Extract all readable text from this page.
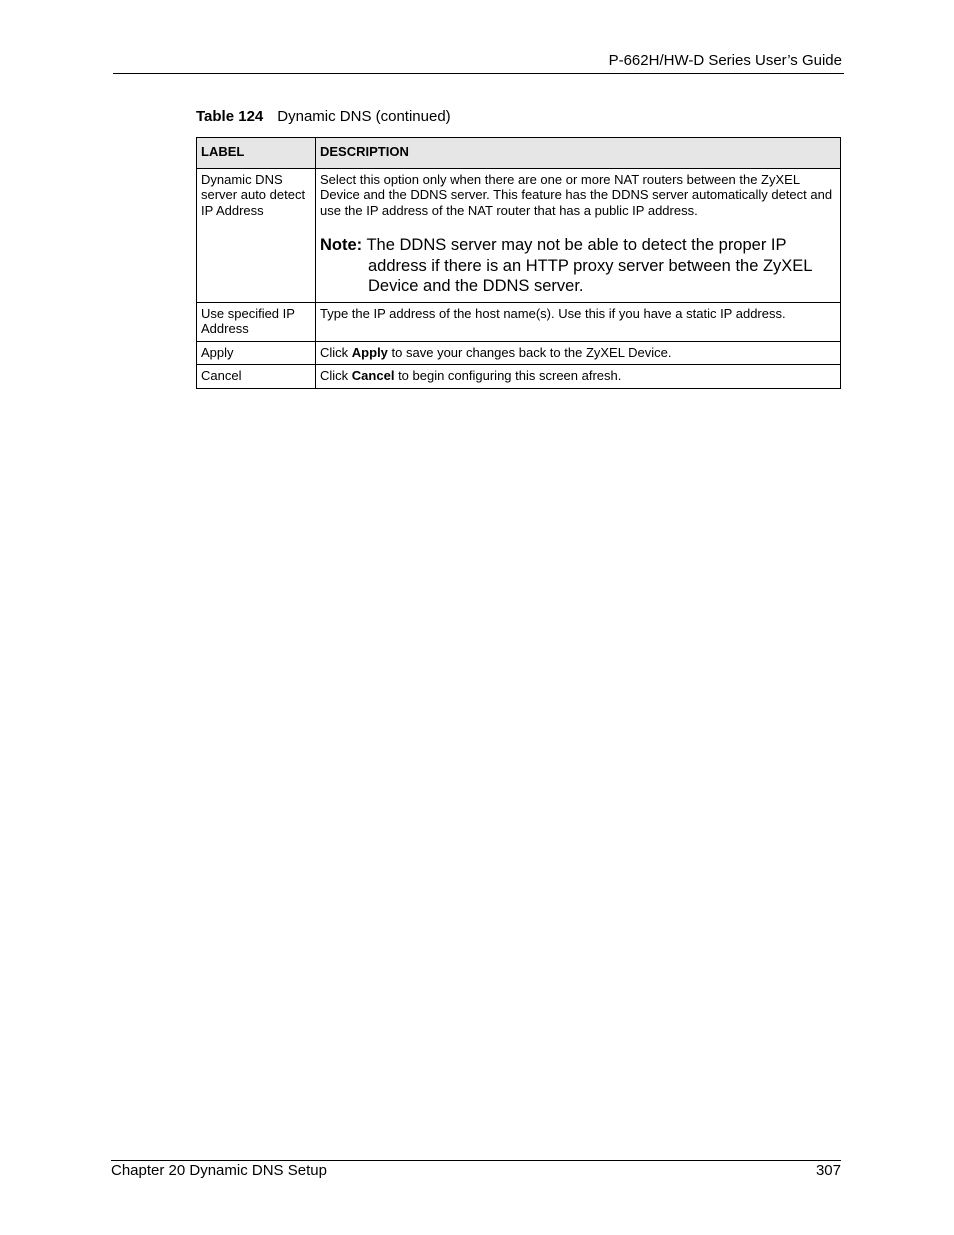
P-662H/HW-D Series User’s Guide
Table 124 Dynamic DNS (continued)
LABEL	DESCRIPTION
Dynamic DNS server auto detect IP Address	Select this option only when there are one or more NAT routers between the ZyXEL Device and the DDNS server. This feature has the DDNS server automatically detect and use the IP address of the NAT router that has a public IP address.
Note: The DDNS server may not be able to detect the proper IP address if there is an HTTP proxy server between the ZyXEL Device and the DDNS server.

Use specified IP Address	Type the IP address of the host name(s). Use this if you have a static IP address.
Apply	Click Apply to save your changes back to the ZyXEL Device.
Cancel	Click Cancel to begin configuring this screen afresh.
Chapter 20 Dynamic DNS Setup	307
